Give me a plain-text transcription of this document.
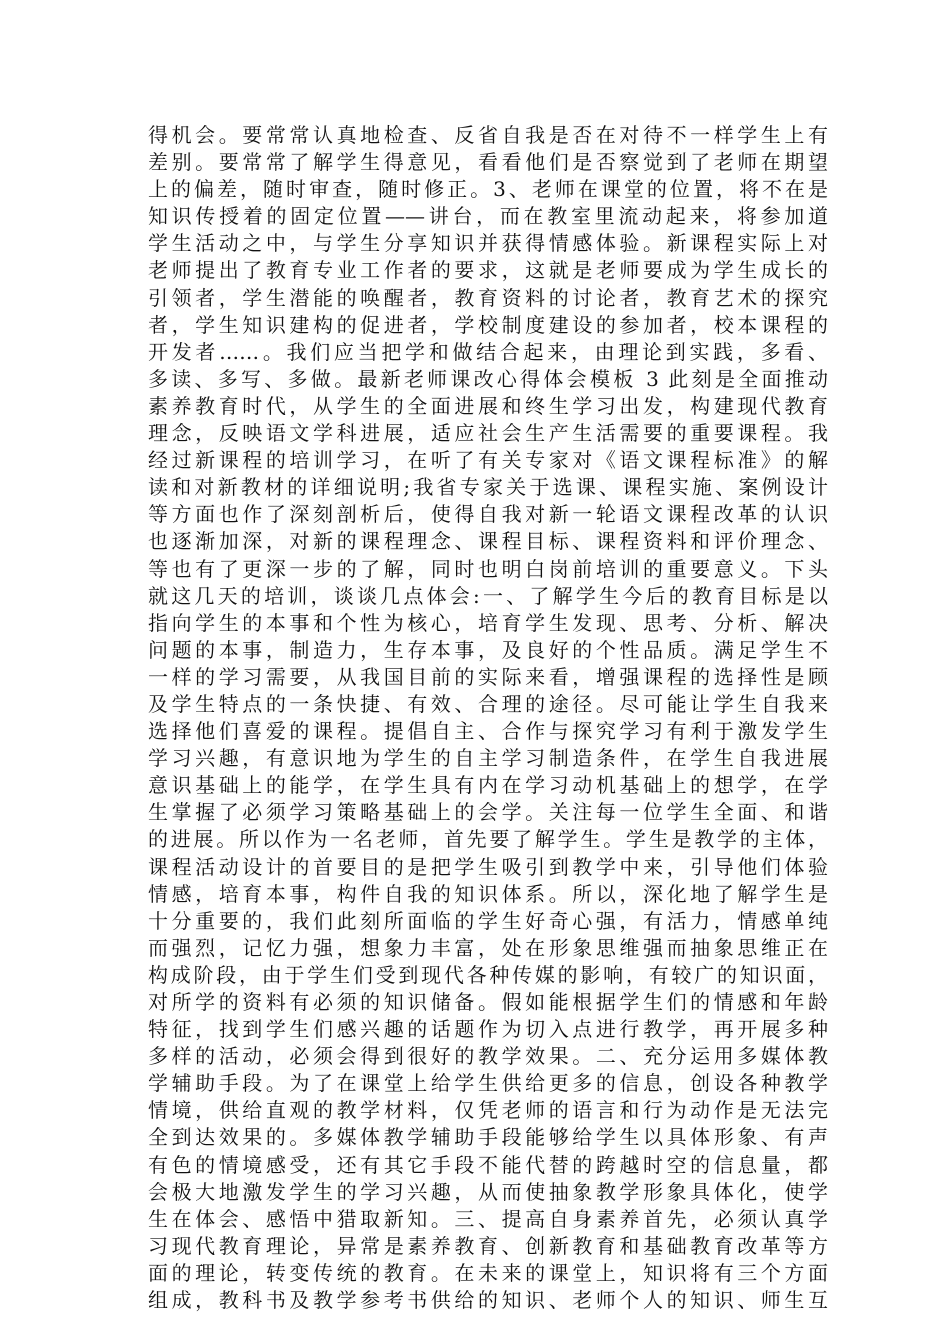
得机会。要常常认真地检查、反省自我是否在对待不一样学生上有
差别。要常常了解学生得意见，看看他们是否察觉到了老师在期望
上的偏差，随时审查，随时修正。3、老师在课堂的位置，将不在是
知识传授着的固定位置——讲台，而在教室里流动起来，将参加道
学生活动之中，与学生分享知识并获得情感体验。新课程实际上对
老师提出了教育专业工作者的要求，这就是老师要成为学生成长的
引领者，学生潜能的唤醒者，教育资料的讨论者，教育艺术的探究
者，学生知识建构的促进者，学校制度建设的参加者，校本课程的
开发者……。我们应当把学和做结合起来，由理论到实践，多看、
多读、多写、多做。最新老师课改心得体会模板 3 此刻是全面推动
素养教育时代，从学生的全面进展和终生学习出发，构建现代教育
理念，反映语文学科进展，适应社会生产生活需要的重要课程。我
经过新课程的培训学习，在听了有关专家对《语文课程标准》的解
读和对新教材的详细说明;我省专家关于选课、课程实施、案例设计
等方面也作了深刻剖析后，使得自我对新一轮语文课程改革的认识
也逐渐加深，对新的课程理念、课程目标、课程资料和评价理念、
等也有了更深一步的了解，同时也明白岗前培训的重要意义。下头
就这几天的培训，谈谈几点体会:一、了解学生今后的教育目标是以
指向学生的本事和个性为核心，培育学生发现、思考、分析、解决
问题的本事，制造力，生存本事，及良好的个性品质。满足学生不
一样的学习需要，从我国目前的实际来看，增强课程的选择性是顾
及学生特点的一条快捷、有效、合理的途径。尽可能让学生自我来
选择他们喜爱的课程。提倡自主、合作与探究学习有利于激发学生
学习兴趣，有意识地为学生的自主学习制造条件，在学生自我进展
意识基础上的能学，在学生具有内在学习动机基础上的想学，在学
生掌握了必须学习策略基础上的会学。关注每一位学生全面、和谐
的进展。所以作为一名老师，首先要了解学生。学生是教学的主体，
课程活动设计的首要目的是把学生吸引到教学中来，引导他们体验
情感，培育本事，构件自我的知识体系。所以，深化地了解学生是
十分重要的，我们此刻所面临的学生好奇心强，有活力，情感单纯
而强烈，记忆力强，想象力丰富，处在形象思维强而抽象思维正在
构成阶段，由于学生们受到现代各种传媒的影响，有较广的知识面，
对所学的资料有必须的知识储备。假如能根据学生们的情感和年龄
特征，找到学生们感兴趣的话题作为切入点进行教学，再开展多种
多样的活动，必须会得到很好的教学效果。二、充分运用多媒体教
学辅助手段。为了在课堂上给学生供给更多的信息，创设各种教学
情境，供给直观的教学材料，仅凭老师的语言和行为动作是无法完
全到达效果的。多媒体教学辅助手段能够给学生以具体形象、有声
有色的情境感受，还有其它手段不能代替的跨越时空的信息量，都
会极大地激发学生的学习兴趣，从而使抽象教学形象具体化，使学
生在体会、感悟中猎取新知。三、提高自身素养首先，必须认真学
习现代教育理论，异常是素养教育、创新教育和基础教育改革等方
面的理论，转变传统的教育。在未来的课堂上，知识将有三个方面
组成，教科书及教学参考书供给的知识、老师个人的知识、师生互
